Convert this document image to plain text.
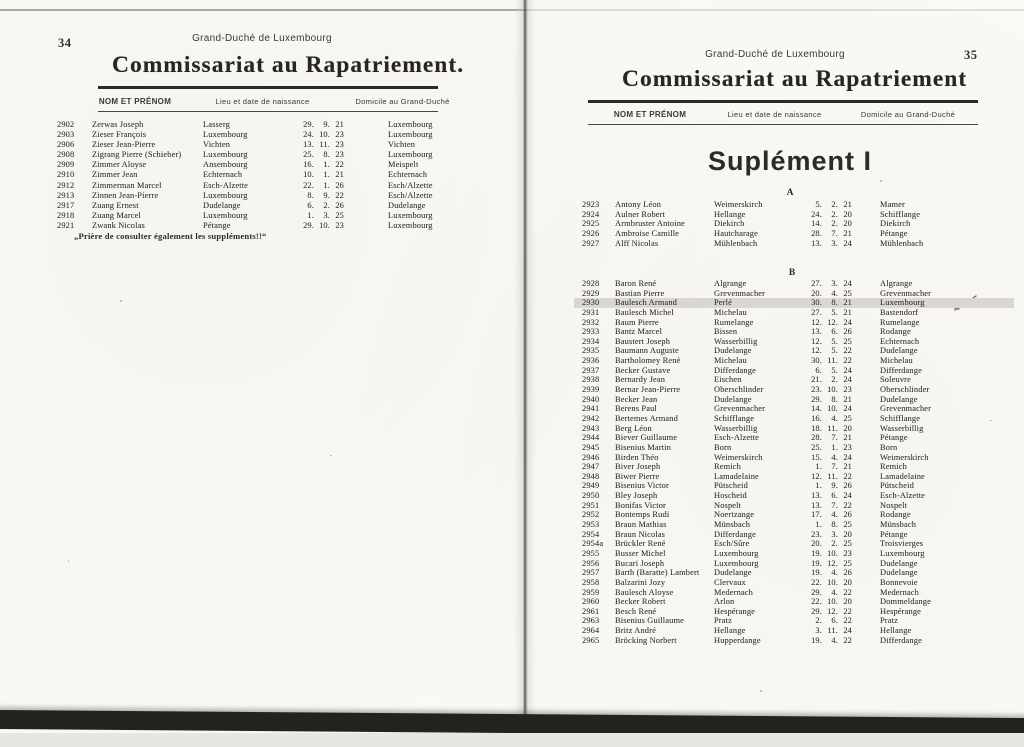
34	Grand-Duché de Luxembourg
Commissariat au Rapatriement.
NOM ET PRÉNOM	Lieu et date de naissance	Domicile au Grand-Duché
2902	Zerwas Joseph	Lasserg	29. 9. 21	Luxembourg
2903	Zieser François	Luxembourg	24. 10. 23	Luxembourg
2906	Zieser Jean-Pierre	Vichten	13. 11. 23	Vichten
2908	Zigrang Pierre (Schieber)	Luxembourg	25. 8. 23	Luxembourg
2909	Zimmer Aloyse	Ansembourg	16. 1. 22	Meispelt
2910	Zimmer Jean	Echternach	10. 1. 21	Echternach
2912	Zimmerman Marcel	Esch-Alzette	22. 1. 26	Esch/Alzette
2913	Zinnen Jean-Pierre	Luxembourg	8. 9. 22	Esch/Alzette
2917	Zuang Ernest	Dudelange	6. 2. 26	Dudelange
2918	Zuang Marcel	Luxembourg	1. 3. 25	Luxembourg
2921	Zwank Nicolas	Pétange	29. 10. 23	Luxembourg
„Prière de consulter également les suppléments!!“
35
Grand-Duché de Luxembourg
Commissariat au Rapatriement
NOM ET PRÉNOM	Lieu et date de naissance	Domicile au Grand-Duché
Suplément I
A
2923	Antony Léon	Weimerskirch	5. 2. 21	Mamer
2924	Aulner Robert	Hellange	24. 2. 20	Schifflange
2925	Armbruster Antoine	Diekirch	14. 2. 20	Diekirch
2926	Ambroise Camille	Hautcharage	28. 7. 21	Pétange
2927	Alff Nicolas	Mühlenbach	13. 3. 24	Mühlenbach
B
2928	Baron René	Algrange	27. 3. 24	Algrange
2929	Bastian Pierre	Grevenmacher	20. 4. 25	Grevenmacher
2930	Baulesch Armand	Perlé	30. 8. 21	Luxembourg
2931	Baulesch Michel	Michelau	27. 5. 21	Bastendorf
2932	Baum Pierre	Rumelange	12. 12. 24	Rumelange
2933	Bantz Marcel	Bissen	13. 6. 26	Rodange
2934	Baustert Joseph	Wasserbillig	12. 5. 25	Echternach
2935	Baumann Auguste	Dudelange	12. 5. 22	Dudelange
2936	Bartholomey René	Michelau	30. 11. 22	Michelau
2937	Becker Gustave	Differdange	6. 5. 24	Differdange
2938	Bernardy Jean	Eischen	21. 2. 24	Soleuvre
2939	Bernar Jean-Pierre	Oberschlinder	23. 10. 23	Oberschlinder
2940	Becker Jean	Dudelange	29. 8. 21	Dudelange
2941	Berens Paul	Grevenmacher	14. 10. 24	Grevenmacher
2942	Bertemes Armand	Schifflange	16. 4. 25	Schifflange
2943	Berg Léon	Wasserbillig	18. 11. 20	Wasserbillig
2944	Biever Guillaume	Esch-Alzette	28. 7. 21	Pétange
2945	Bisenius Martin	Born	25. 1. 23	Born
2946	Birden Théo	Weimerskirch	15. 4. 24	Weimerskirch
2947	Biver Joseph	Remich	1. 7. 21	Remich
2948	Biwer Pierre	Lamadelaine	12. 11. 22	Lamadelaine
2949	Bisenius Victor	Pütscheid	1. 9. 26	Pütscheid
2950	Bley Joseph	Hoscheid	13. 6. 24	Esch-Alzette
2951	Bonifas Victor	Nospelt	13. 7. 22	Nospelt
2952	Bontemps Rudi	Noertzange	17. 4. 26	Rodange
2953	Braun Mathias	Münsbach	1. 8. 25	Münsbach
2954	Braun Nicolas	Differdange	23. 3. 20	Pétange
2954a	Brückler René	Esch/Sûre	20. 2. 25	Troisvierges
2955	Busser Michel	Luxembourg	19. 10. 23	Luxembourg
2956	Bucari Joseph	Luxembourg	19. 12. 25	Dudelange
2957	Barth (Baratte) Lambert	Dudelange	19. 4. 26	Dudelange
2958	Balzarini Jozy	Clervaux	22. 10. 20	Bonnevoie
2959	Baulesch Aloyse	Medernach	29. 4. 22	Medernach
2960	Becker Robert	Arlon	22. 10. 20	Dommeldange
2961	Besch René	Hespérange	29. 12. 22	Hespérange
2963	Bisenius Guillaume	Pratz	2. 6. 22	Pratz
2964	Britz André	Hellange	3. 11. 24	Hellange
2965	Bröcking Norbert	Hupperdange	19. 4. 22	Differdange
